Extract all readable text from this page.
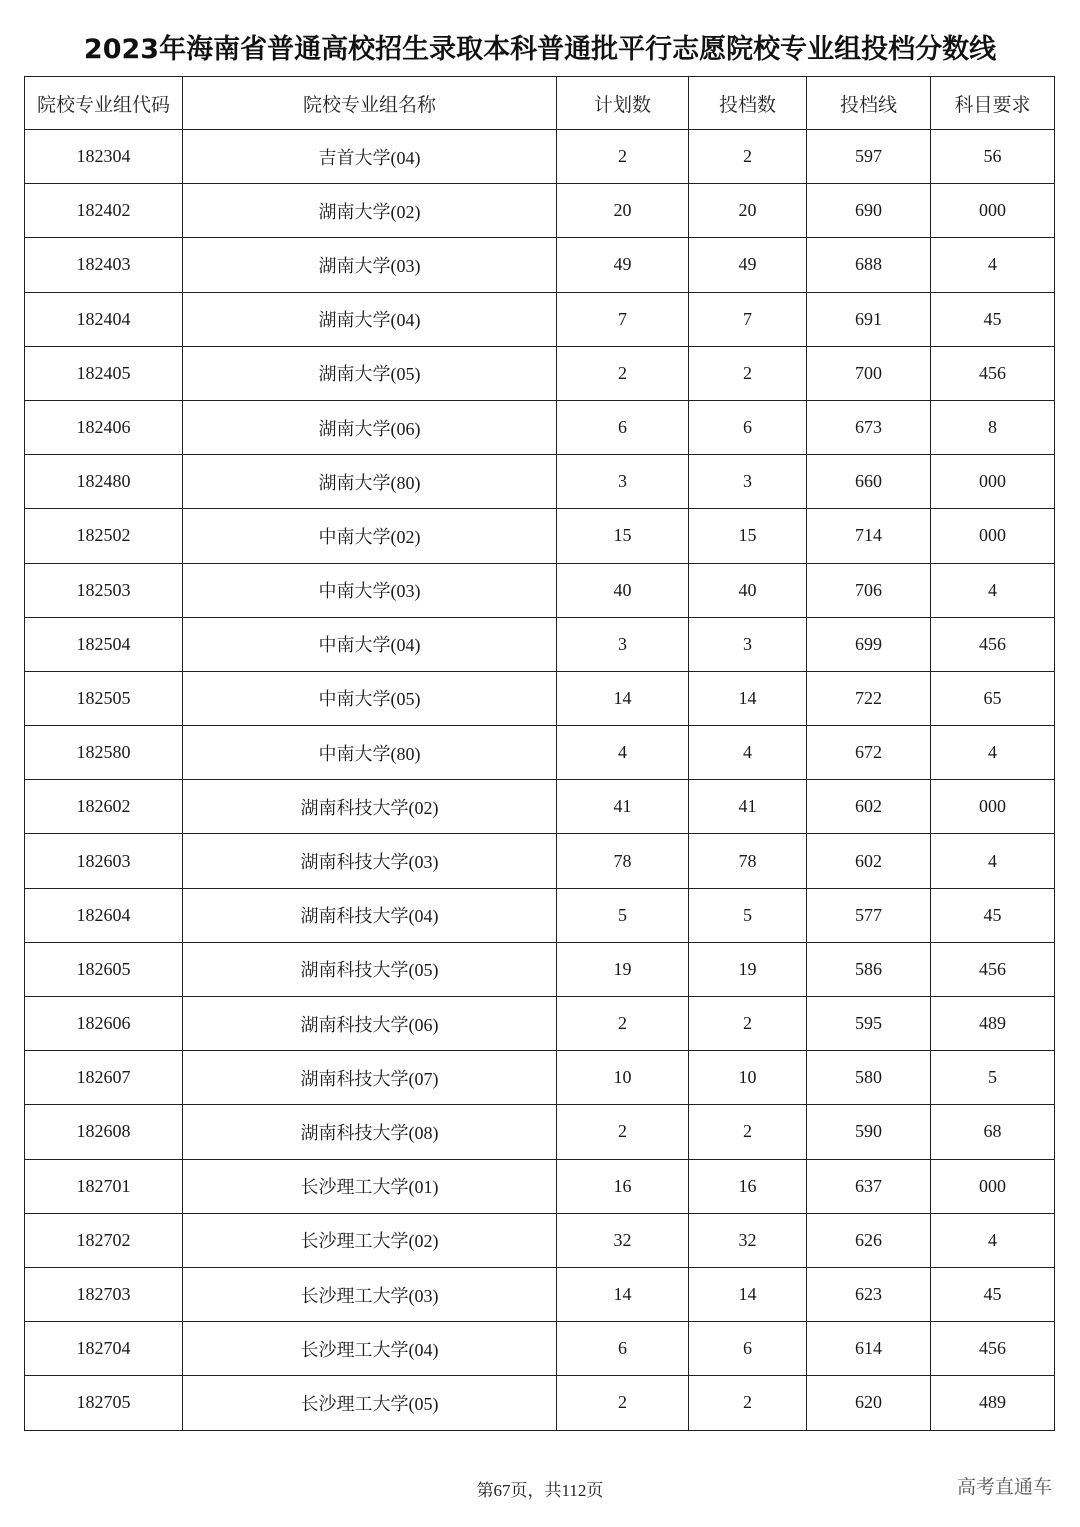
2023年海南省普通高校招生录取本科普通批平行志愿院校专业组投档分数线
院校专业组代码	院校专业组名称	计划数	投档数	投档线	科目要求
182304	吉首大学(04)	2	2	597	56
182402	湖南大学(02)	20	20	690	000
182403	湖南大学(03)	49	49	688	4
182404	湖南大学(04)	7	7	691	45
182405	湖南大学(05)	2	2	700	456
182406	湖南大学(06)	6	6	673	8
182480	湖南大学(80)	3	3	660	000
182502	中南大学(02)	15	15	714	000
182503	中南大学(03)	40	40	706	4
182504	中南大学(04)	3	3	699	456
182505	中南大学(05)	14	14	722	65
182580	中南大学(80)	4	4	672	4
182602	湖南科技大学(02)	41	41	602	000
182603	湖南科技大学(03)	78	78	602	4
182604	湖南科技大学(04)	5	5	577	45
182605	湖南科技大学(05)	19	19	586	456
182606	湖南科技大学(06)	2	2	595	489
182607	湖南科技大学(07)	10	10	580	5
182608	湖南科技大学(08)	2	2	590	68
182701	长沙理工大学(01)	16	16	637	000
182702	长沙理工大学(02)	32	32	626	4
182703	长沙理工大学(03)	14	14	623	45
182704	长沙理工大学(04)	6	6	614	456
182705	长沙理工大学(05)	2	2	620	489
第67页，共112页	高考直通车
